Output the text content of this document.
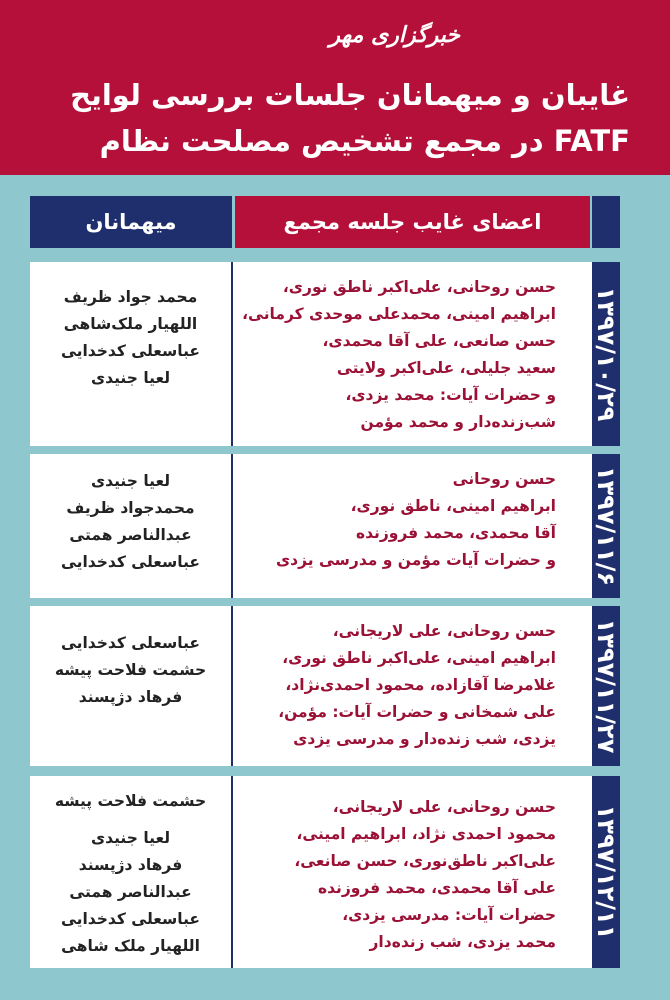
خبرگزاری مهر
غایبان و میهمانان جلسات بررسی لوایح
FATF در مجمع تشخیص مصلحت نظام
میهمانان	اعضای غایب جلسه مجمع
محمد جواد ظریف
اللهیار ملک‌شاهی
عباسعلی کدخدایی
لعیا جنیدی
حسن روحانی، علی‌اکبر ناطق نوری،
ابراهیم امینی، محمدعلی موحدی کرمانی،
حسن صانعی، علی آقا محمدی،
سعید جلیلی، علی‌اکبر ولایتی
و حضرات آیات: محمد یزدی،
شب‌زنده‌دار و محمد مؤمن
۱۳۹۷/۱۰/۲۹
لعیا جنیدی
محمدجواد ظریف
عبدالناصر همتی
عباسعلی کدخدایی
حسن روحانی
ابراهیم امینی، ناطق نوری،
آقا محمدی، محمد فروزنده
و حضرات آیات مؤمن و مدرسی یزدی ۱۳۹۷/۱۱/۶
عباسعلی کدخدایی
حشمت فلاحت پیشه
فرهاد دژپسند
حسن روحانی، علی لاریجانی،
ابراهیم امینی، علی‌اکبر ناطق نوری،
غلامرضا آقازاده، محمود احمدی‌نژاد،
علی شمخانی و حضرات آیات: مؤمن،
یزدی، شب زنده‌دار و مدرسی یزدی ۱۳۹۷/۱۱/۲۷
حشمت فلاحت پیشه
لعیا جنیدی
فرهاد دژپسند
عبدالناصر همتی
عباسعلی کدخدایی
اللهیار ملک شاهی
حسن روحانی، علی لاریجانی،
محمود احمدی نژاد، ابراهیم امینی،
علی‌اکبر ناطق‌نوری، حسن صانعی،
علی آقا محمدی، محمد فروزنده
حضرات آیات: مدرسی یزدی،
محمد یزدی، شب زنده‌دار
۱۳۹۷/۱۲/۱۱
